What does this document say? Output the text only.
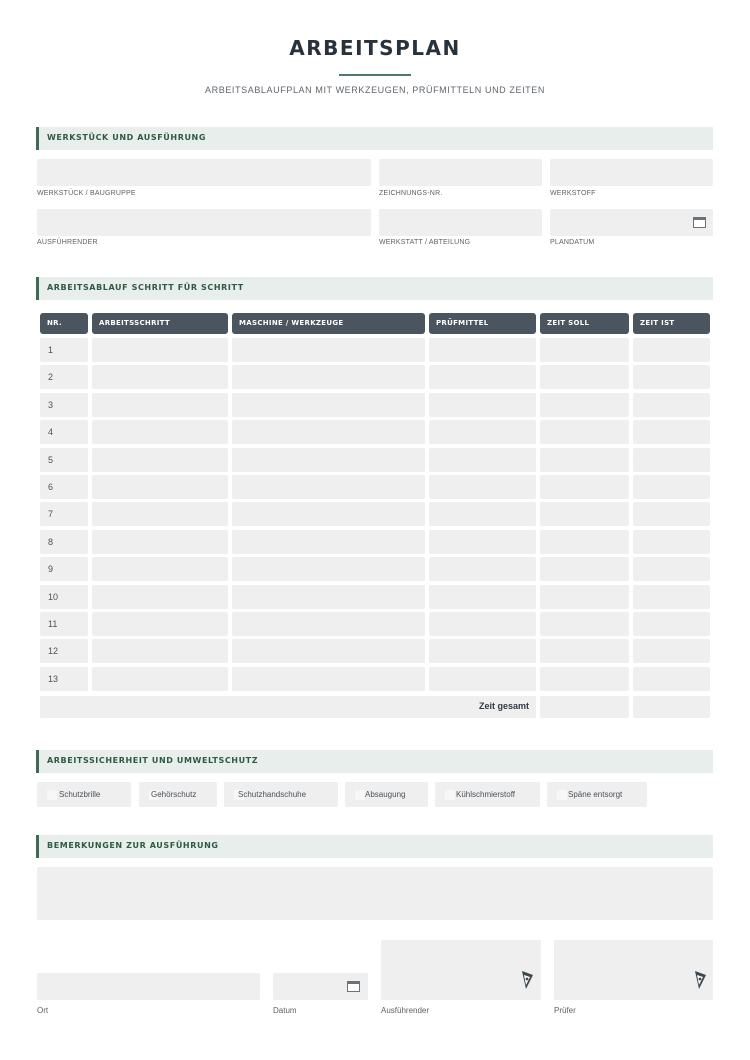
ARBEITSPLAN
ARBEITSABLAUFPLAN MIT WERKZEUGEN, PRÜFMITTELN UND ZEITEN
WERKSTÜCK UND AUSFÜHRUNG
WERKSTÜCK / BAUGRUPPE	ZEICHNUNGS-NR.	WERKSTOFF
AUSFÜHRENDER	WERKSTATT / ABTEILUNG	PLANDATUM
ARBEITSABLAUF SCHRITT FÜR SCHRITT
NR.	ARBEITSSCHRITT	MASCHINE / WERKZEUGE	PRÜFMITTEL	ZEIT SOLL	ZEIT IST
1
2
3
4
5
6
7
8
9
10
11
12
13
Zeit gesamt
ARBEITSSICHERHEIT UND UMWELTSCHUTZ
Schutzbrille	Gehörschutz	Schutzhandschuhe	Absaugung	Kühlschmierstoff	Späne entsorgt
BEMERKUNGEN ZUR AUSFÜHRUNG
Ort	Datum	Ausführender	Prüfer
